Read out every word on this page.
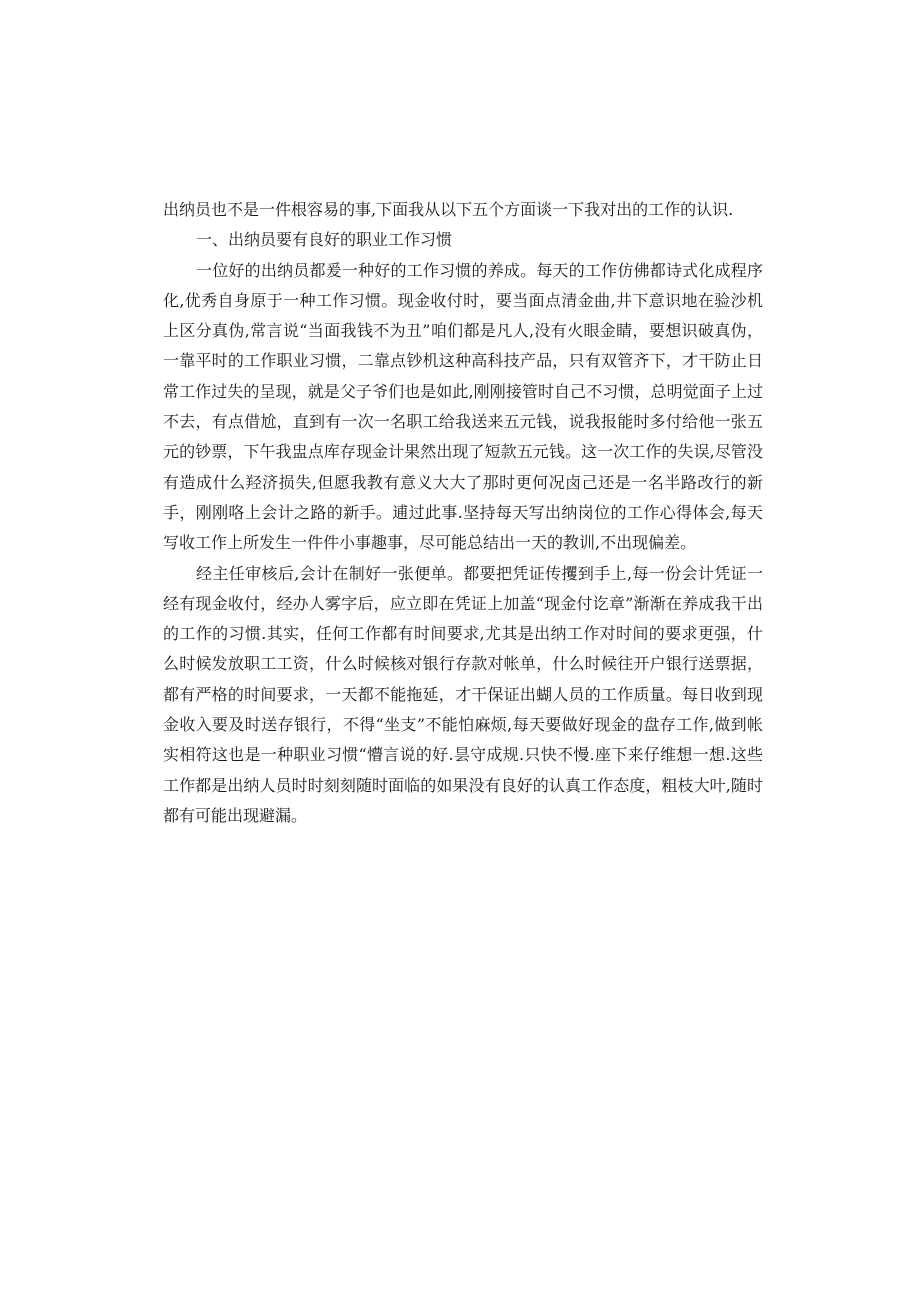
出纳员也不是一件根容易的事,下面我从以下五个方面谈一下我对出的工作的认识.

一、出纳员要有良好的职业工作习惯

一位好的出纳员都爰一种好的工作习惯的养成。每天的工作仿佛都诗式化成程序化,优秀自身原于一种工作习惯。现金收付时，要当面点清金曲,井下意识地在验沙机上区分真伪,常言说“当面我钱不为丑”咱们都是凡人,没有火眼金睛，要想识破真伪，一靠平时的工作职业习惯，二靠点钞机这种高科技产品，只有双管齐下，才干防止日常工作过失的呈现，就是父子爷们也是如此,刚刚接管时自己不习惯，总明觉面子上过不去，有点借尬，直到有一次一名职工给我送来五元钱，说我报能时多付给他一张五元的钞票，下午我盅点库存现金计果然出现了短款五元钱。这一次工作的失误,尽管没有造成什么羟济损失,但愿我教有意义大大了那时更何况卤己还是一名半路改行的新手，刚刚咯上会计之路的新手。逋过此事.坚持每天写出纳岗位的工作心得体会,每天写收工作上所发生一件件小事趣事，尽可能总结出一天的教训,不出现偏差。

经主任审核后,会计在制好一张便单。都要把凭证传攫到手上,每一份会计凭证一经有现金收付，经办人雾字后，应立即在凭证上加盖“现金付讫章”渐渐在养成我干出的工作的习惯.其实，任何工作都有时间要求,尤其是出纳工作对时间的要求更强，什么时候发放职工工资，什么时候核对银行存款对帐单，什么时候往开户银行送票据，都有严格的时间要求，一天都不能拖延，才干保证出蝴人员的工作质量。每日收到现金收入要及时送存银行，不得“坐支”不能怕麻烦,每天要做好现金的盘存工作,做到帐实相符这也是一种职业习惯“懵言说的好.昙守成规.只快不慢.座下来仔维想一想.这些工作都是出纳人员时时刻刻随时面临的如果没有良好的认真工作态度，粗枝大叶,随时都有可能出现避漏。
